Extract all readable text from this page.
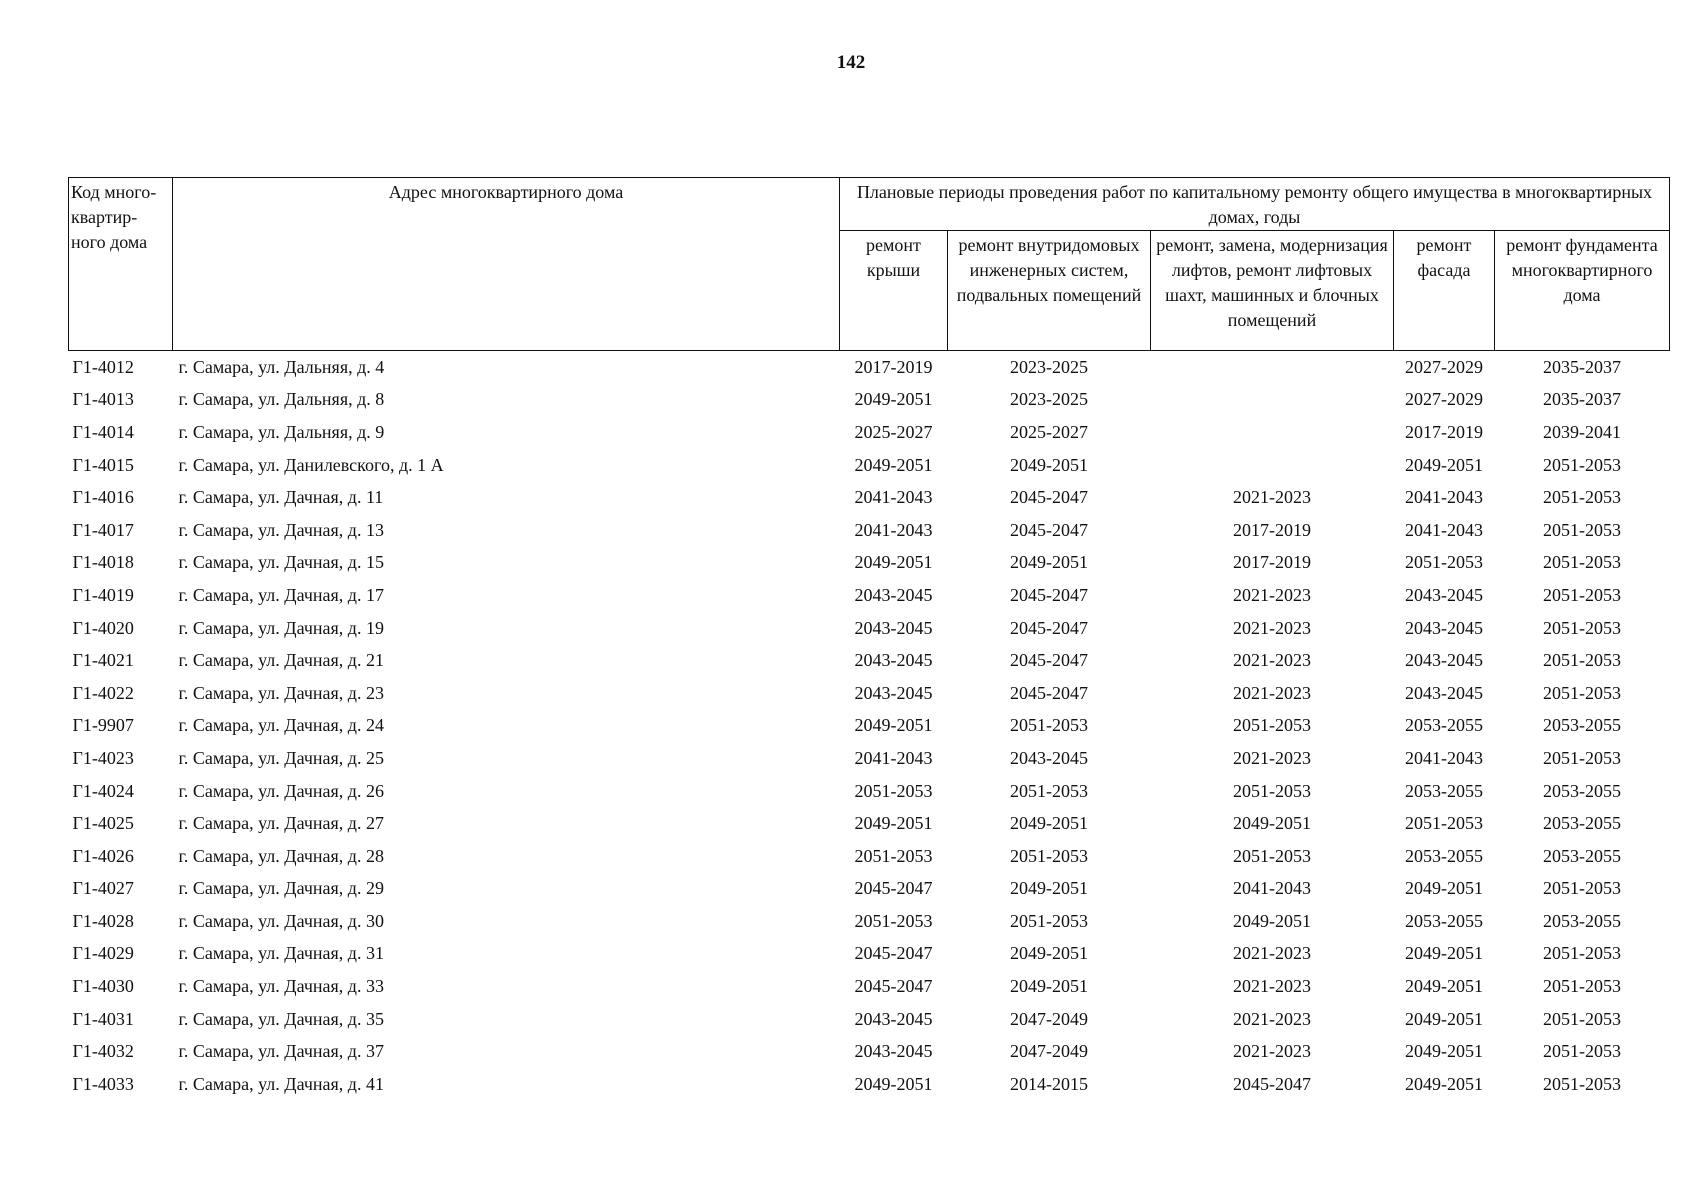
142
Код много-квартир-ного дома	Адрес многоквартирного дома	Плановые периоды проведения работ по капитальному ремонту общего имущества в многоквартирных домах, годы				
		ремонт крыши	ремонт внутридомовых инженерных систем, подвальных помещений	ремонт, замена, модернизация лифтов, ремонт лифтовых шахт, машинных и блочных помещений	ремонт фасада	ремонт фундамента многоквартирного дома
Г1-4012	г. Самара, ул. Дальняя, д. 4	2017-2019	2023-2025		2027-2029	2035-2037
Г1-4013	г. Самара, ул. Дальняя, д. 8	2049-2051	2023-2025		2027-2029	2035-2037
Г1-4014	г. Самара, ул. Дальняя, д. 9	2025-2027	2025-2027		2017-2019	2039-2041
Г1-4015	г. Самара, ул. Данилевского, д. 1 А	2049-2051	2049-2051		2049-2051	2051-2053
Г1-4016	г. Самара, ул. Дачная, д. 11	2041-2043	2045-2047	2021-2023	2041-2043	2051-2053
Г1-4017	г. Самара, ул. Дачная, д. 13	2041-2043	2045-2047	2017-2019	2041-2043	2051-2053
Г1-4018	г. Самара, ул. Дачная, д. 15	2049-2051	2049-2051	2017-2019	2051-2053	2051-2053
Г1-4019	г. Самара, ул. Дачная, д. 17	2043-2045	2045-2047	2021-2023	2043-2045	2051-2053
Г1-4020	г. Самара, ул. Дачная, д. 19	2043-2045	2045-2047	2021-2023	2043-2045	2051-2053
Г1-4021	г. Самара, ул. Дачная, д. 21	2043-2045	2045-2047	2021-2023	2043-2045	2051-2053
Г1-4022	г. Самара, ул. Дачная, д. 23	2043-2045	2045-2047	2021-2023	2043-2045	2051-2053
Г1-9907	г. Самара, ул. Дачная, д. 24	2049-2051	2051-2053	2051-2053	2053-2055	2053-2055
Г1-4023	г. Самара, ул. Дачная, д. 25	2041-2043	2043-2045	2021-2023	2041-2043	2051-2053
Г1-4024	г. Самара, ул. Дачная, д. 26	2051-2053	2051-2053	2051-2053	2053-2055	2053-2055
Г1-4025	г. Самара, ул. Дачная, д. 27	2049-2051	2049-2051	2049-2051	2051-2053	2053-2055
Г1-4026	г. Самара, ул. Дачная, д. 28	2051-2053	2051-2053	2051-2053	2053-2055	2053-2055
Г1-4027	г. Самара, ул. Дачная, д. 29	2045-2047	2049-2051	2041-2043	2049-2051	2051-2053
Г1-4028	г. Самара, ул. Дачная, д. 30	2051-2053	2051-2053	2049-2051	2053-2055	2053-2055
Г1-4029	г. Самара, ул. Дачная, д. 31	2045-2047	2049-2051	2021-2023	2049-2051	2051-2053
Г1-4030	г. Самара, ул. Дачная, д. 33	2045-2047	2049-2051	2021-2023	2049-2051	2051-2053
Г1-4031	г. Самара, ул. Дачная, д. 35	2043-2045	2047-2049	2021-2023	2049-2051	2051-2053
Г1-4032	г. Самара, ул. Дачная, д. 37	2043-2045	2047-2049	2021-2023	2049-2051	2051-2053
Г1-4033	г. Самара, ул. Дачная, д. 41	2049-2051	2014-2015	2045-2047	2049-2051	2051-2053
